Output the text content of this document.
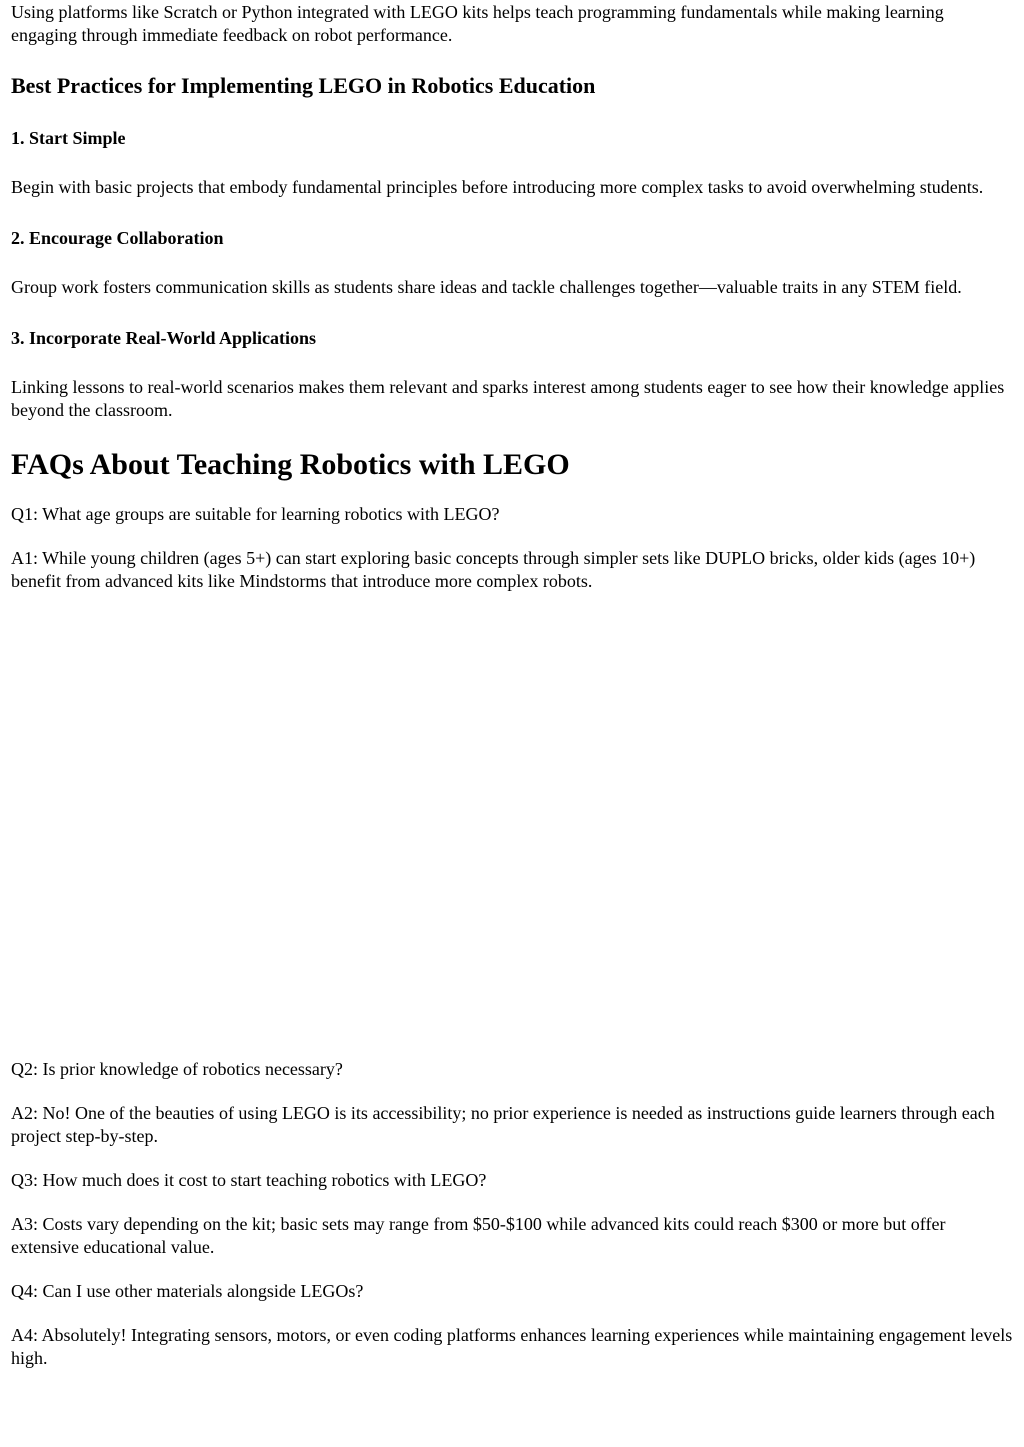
Using platforms like Scratch or Python integrated with LEGO kits helps teach programming fundamentals while making learning engaging through immediate feedback on robot performance.

Best Practices for Implementing LEGO in Robotics Education
1. Start Simple

Begin with basic projects that embody fundamental principles before introducing more complex tasks to avoid overwhelming students.

2. Encourage Collaboration

Group work fosters communication skills as students share ideas and tackle challenges together—valuable traits in any STEM field.

3. Incorporate Real-World Applications

Linking lessons to real-world scenarios makes them relevant and sparks interest among students eager to see how their knowledge applies beyond the classroom.

FAQs About Teaching Robotics with LEGO

Q1: What age groups are suitable for learning robotics with LEGO?

A1: While young children (ages 5+) can start exploring basic concepts through simpler sets like DUPLO bricks, older kids (ages 10+) benefit from advanced kits like Mindstorms that introduce more complex robots.

Q2: Is prior knowledge of robotics necessary?

A2: No! One of the beauties of using LEGO is its accessibility; no prior experience is needed as instructions guide learners through each project step-by-step.

Q3: How much does it cost to start teaching robotics with LEGO?

A3: Costs vary depending on the kit; basic sets may range from $50-$100 while advanced kits could reach $300 or more but offer extensive educational value.

Q4: Can I use other materials alongside LEGOs?

A4: Absolutely! Integrating sensors, motors, or even coding platforms enhances learning experiences while maintaining engagement levels high.
